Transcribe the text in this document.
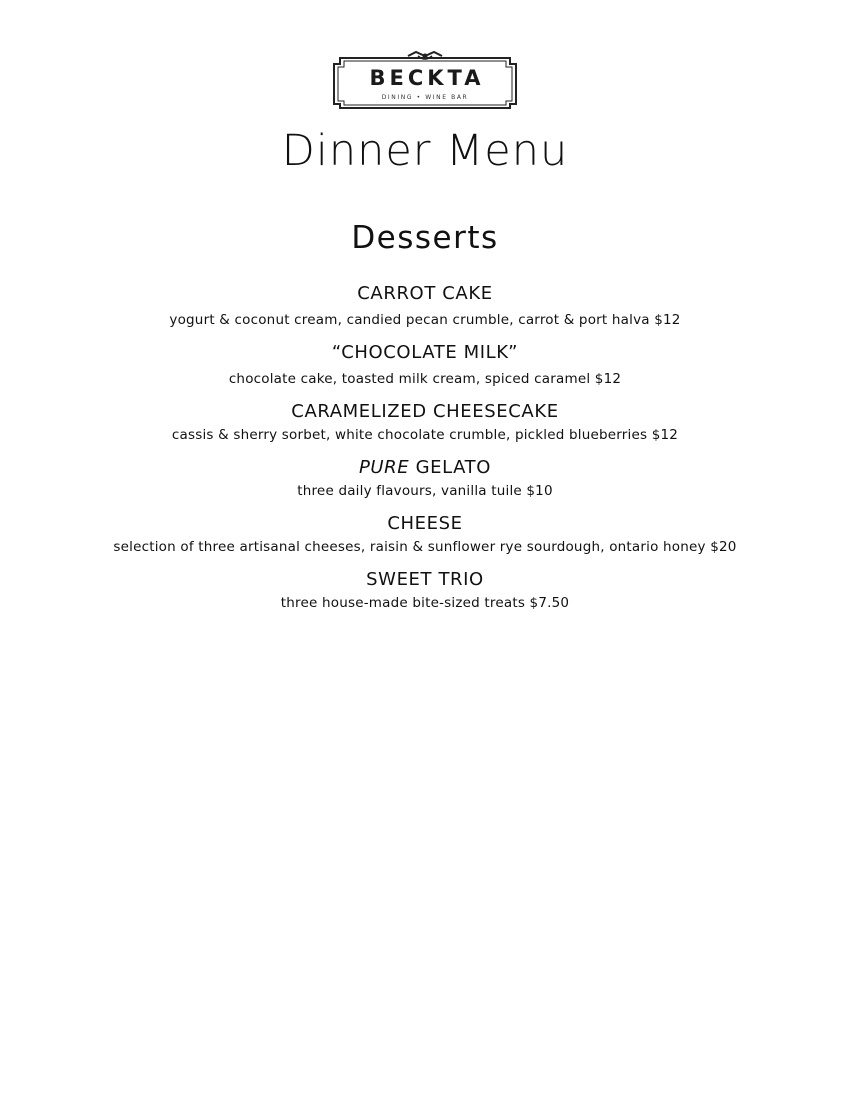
BECKTA
DINING • WINE BAR
Dinner Menu
Desserts
CARROT CAKE
yogurt & coconut cream, candied pecan crumble, carrot & port halva $12
“CHOCOLATE MILK”
chocolate cake, toasted milk cream, spiced caramel $12
CARAMELIZED CHEESECAKE
cassis & sherry sorbet, white chocolate crumble, pickled blueberries $12
PURE GELATO
three daily flavours, vanilla tuile $10
CHEESE
selection of three artisanal cheeses, raisin & sunflower rye sourdough, ontario honey $20
SWEET TRIO
three house-made bite-sized treats $7.50
